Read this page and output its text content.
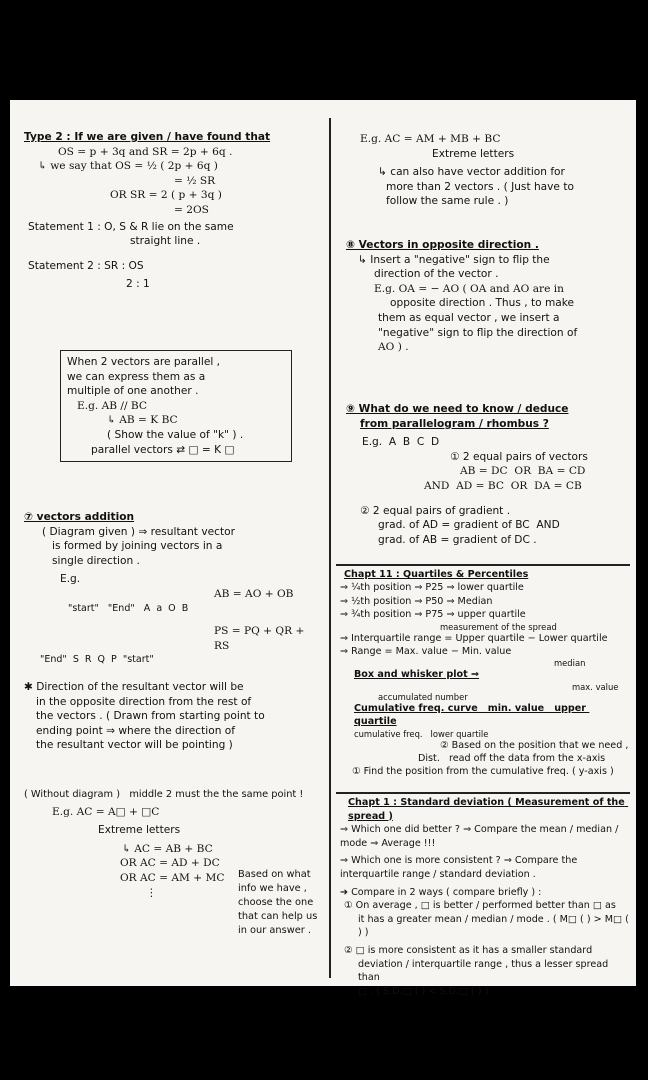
Type 2 : If we are given / have found that
OS = p + 3q and SR = 2p + 6q .
↳ we say that OS = ½ ( 2p + 6q )
= ½ SR
OR SR = 2 ( p + 3q )
= 2OS
Statement 1 : O, S & R lie on the same
straight line .
Statement 2 : SR : OS
2 : 1
When 2 vectors are parallel ,
we can express them as a
multiple of one another .
E.g. AB // BC
↳ AB = K BC
( Show the value of "k" ) .
parallel vectors ⇄ □ = K □
⑦ vectors addition
( Diagram given ) ⇒ resultant vector
is formed by joining vectors in a
single direction .
E.g.
AB = AO + OB
"start"   "End"   A  a  O  B
PS = PQ + QR + RS
"End"  S  R  Q  P  "start"
✱ Direction of the resultant vector will be
in the opposite direction from the rest of
the vectors . ( Drawn from starting point to
ending point ⇒ where the direction of
the resultant vector will be pointing )
( Without diagram )   middle 2 must the the same point !
E.g. AC = A□ + □C
Extreme letters
↳ AC = AB + BC
OR AC = AD + DC
OR AC = AM + MC
⋮
Based on what
info we have ,
choose the one
that can help us
in our answer .
E.g. AC = AM + MB + BC
Extreme letters
↳ can also have vector addition for
more than 2 vectors . ( Just have to
follow the same rule . )
⑧ Vectors in opposite direction .
↳ Insert a "negative" sign to flip the
direction of the vector .
E.g. OA = − AO ( OA and AO are in
opposite direction . Thus , to make
them as equal vector , we insert a
"negative" sign to flip the direction of
AO ) .
⑨ What do we need to know / deduce
from parallelogram / rhombus ?
E.g.  A  B  C  D
① 2 equal pairs of vectors
AB = DC  OR  BA = CD
AND  AD = BC  OR  DA = CB
② 2 equal pairs of gradient .
grad. of AD = gradient of BC  AND
grad. of AB = gradient of DC .
Chapt 11 : Quartiles & Percentiles
⇒ ¼th position ⇒ P25 ⇒ lower quartile
⇒ ½th position ⇒ P50 ⇒ Median
⇒ ¾th position ⇒ P75 ⇒ upper quartile
measurement of the spread
⇒ Interquartile range = Upper quartile − Lower quartile
⇒ Range = Max. value − Min. value
median
Box and whisker plot ⇒
max. value
accumulated number
Cumulative freq. curve   min. value   upper quartile
cumulative freq.   lower quartile
② Based on the position that we need ,
Dist.   read off the data from the x-axis
① Find the position from the cumulative freq. ( y-axis )
Chapt 1 : Standard deviation ( Measurement of the spread )
⇒ Which one did better ? ⇒ Compare the mean / median / mode ⇒ Average !!!
⇒ Which one is more consistent ? ⇒ Compare the interquartile range / standard deviation .
➔ Compare in 2 ways ( compare briefly ) :
① On average , □ is better / performed better than □ as
it has a greater mean / median / mode . ( M□ ( ) > M□ ( ) )
② □ is more consistent as it has a smaller standard
deviation / interquartile range , thus a lesser spread than
□ . ( S.D.□ ( ) < S.D.□ ( ) ) .
